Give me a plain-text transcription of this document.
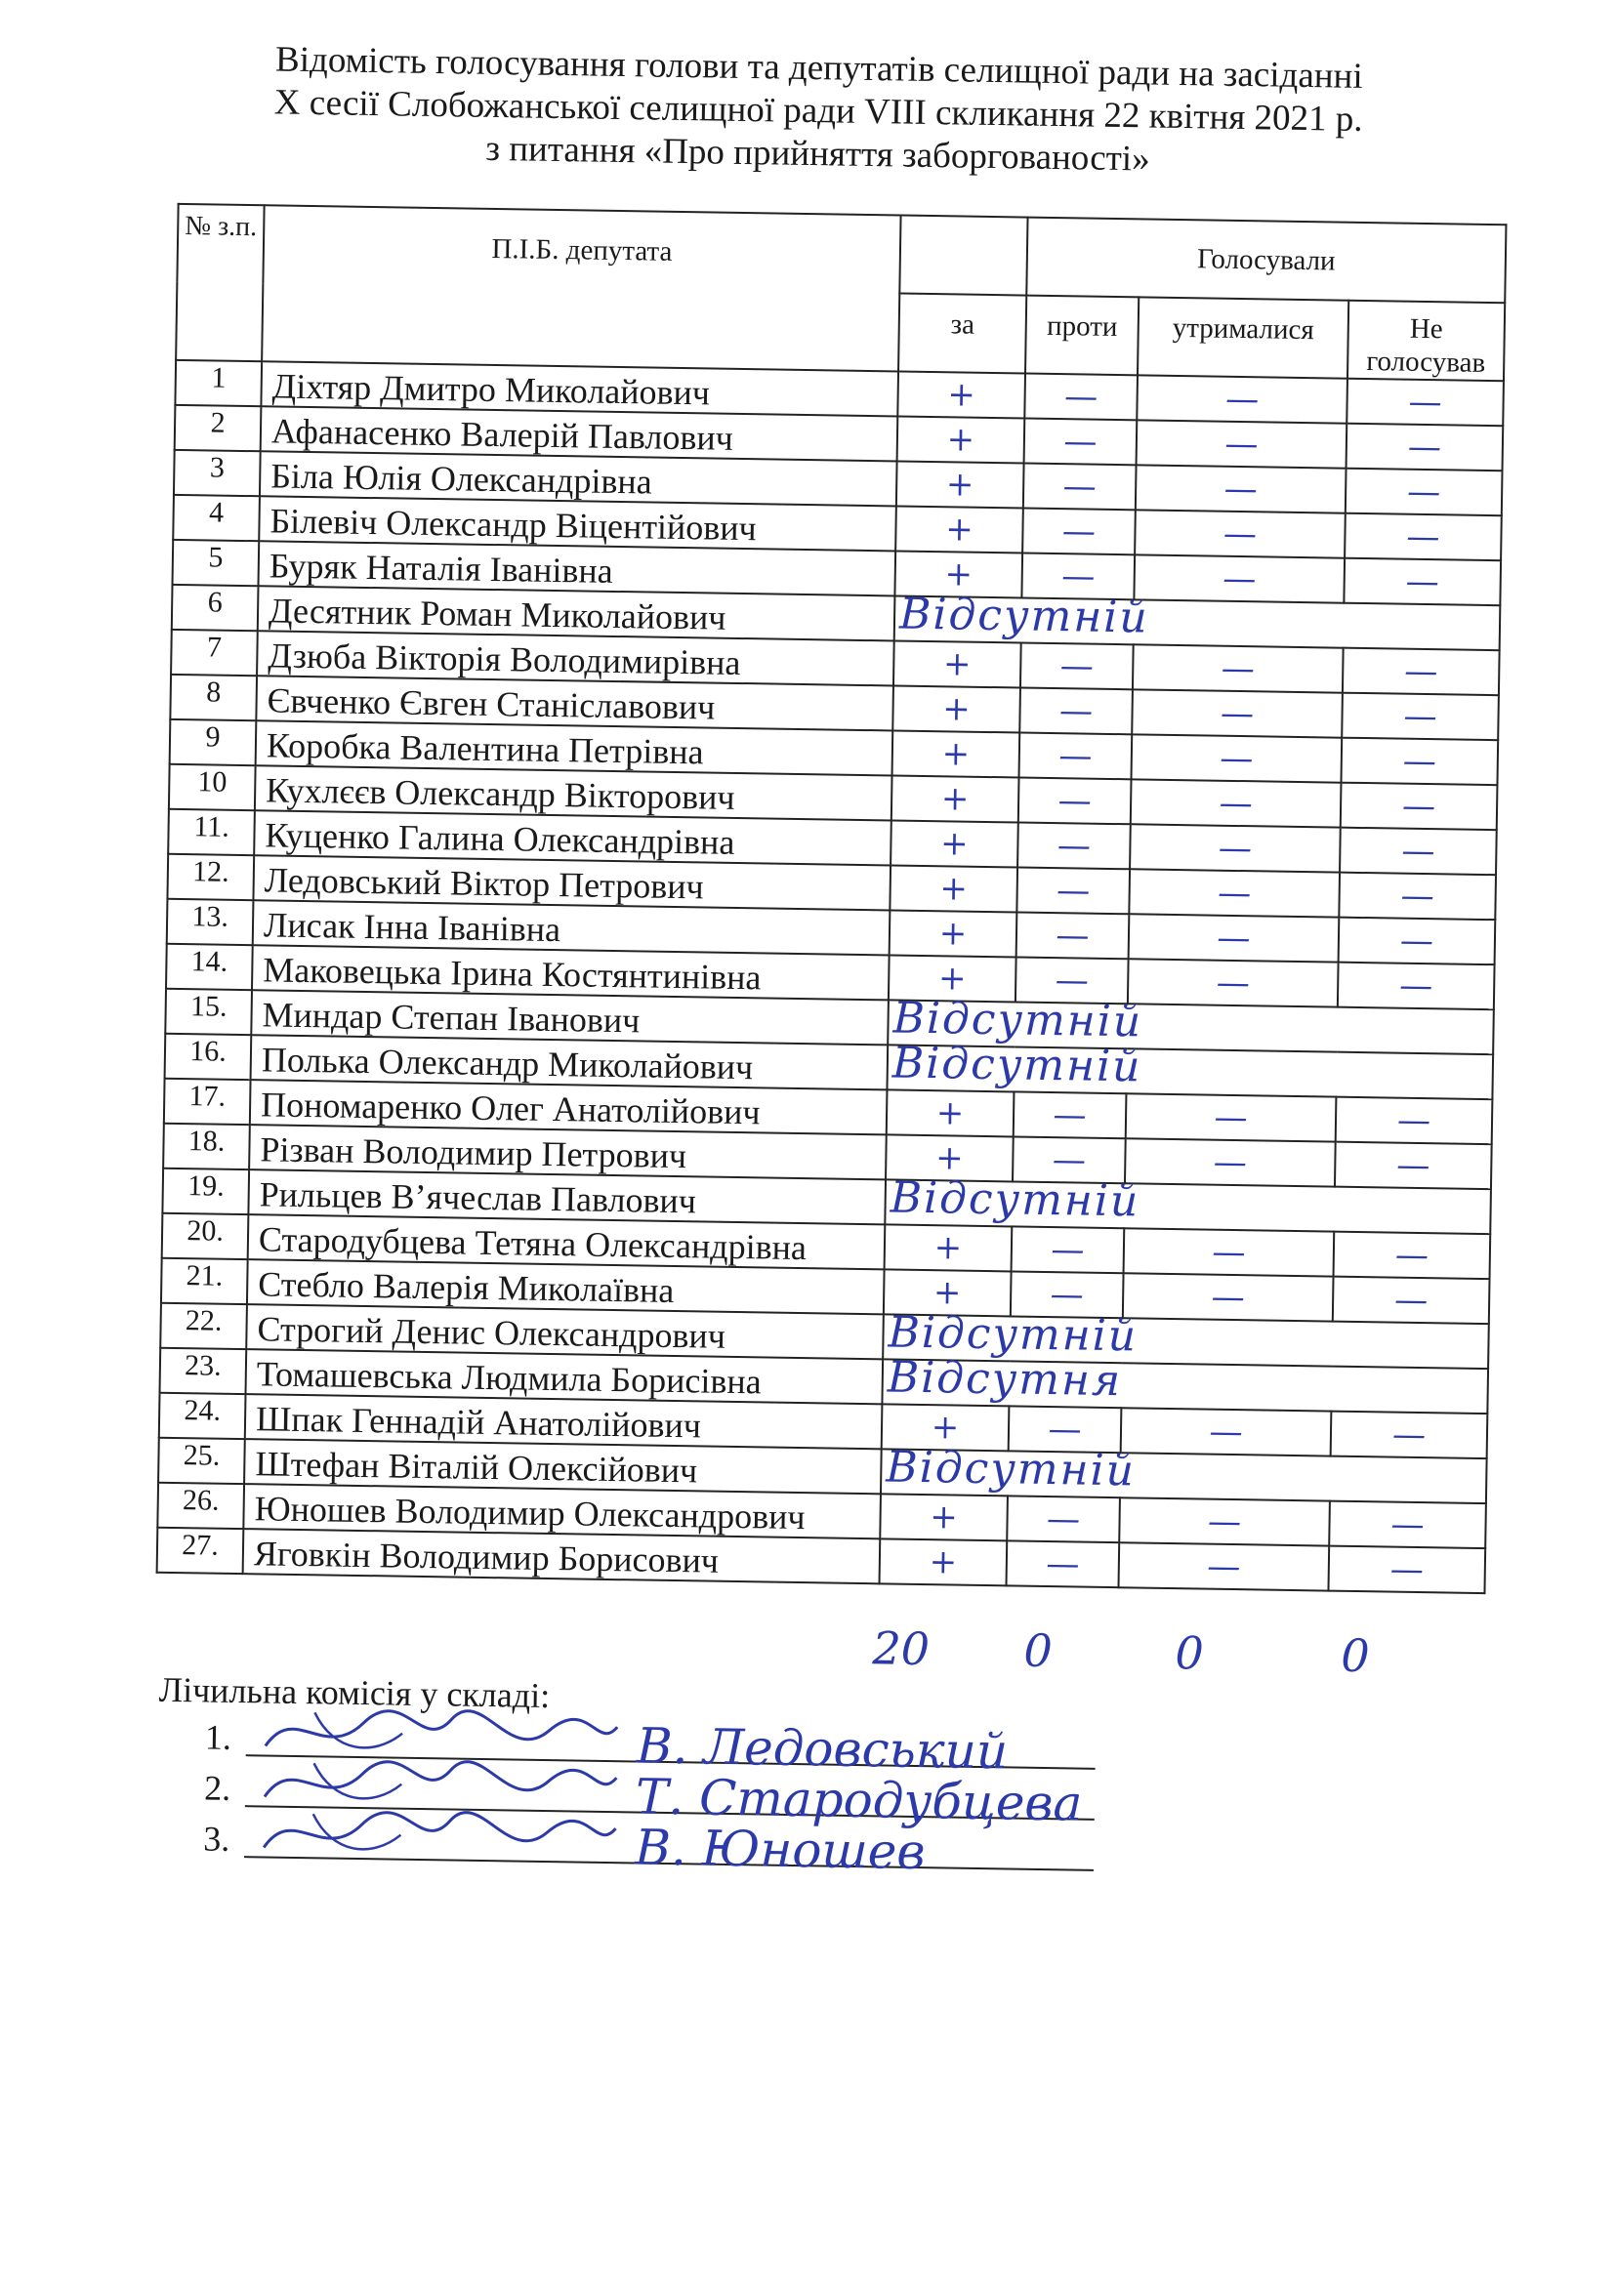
Відомість голосування голови та депутатів селищної ради на засіданні
Х сесії Слобожанської селищної ради VIII скликання 22 квітня 2021 р.
з питання «Про прийняття заборгованості»
№ з.п.	П.І.Б. депутата		Голосували		
		за	проти	утрималися	Не голосував
1	Діхтяр Дмитро Миколайович	+	—	—	—
2	Афанасенко Валерій Павлович	+	—	—	—
3	Біла Юлія Олександрівна	+	—	—	—
4	Білевіч Олександр Віцентійович	+	—	—	—
5	Буряк Наталія Іванівна	+	—	—	—
6	Десятник Роман Миколайович	Відсутній			

7	Дзюба Вікторія Володимирівна	+	—	—	—
8	Євченко Євген Станіславович	+	—	—	—
9	Коробка Валентина Петрівна	+	—	—	—
10	Кухлєєв Олександр Вікторович	+	—	—	—
11.	Куценко Галина Олександрівна	+	—	—	—
12.	Ледовський Віктор Петрович	+	—	—	—
13.	Лисак Інна Іванівна	+	—	—	—
14.	Маковецька Ірина Костянтинівна	+	—	—	—
15.	Миндар Степан Іванович	Відсутній			

16.	Полька Олександр Миколайович	Відсутній			

17.	Пономаренко Олег Анатолійович	+	—	—	—
18.	Різван Володимир Петрович	+	—	—	—
19.	Рильцев В’ячеслав Павлович	Відсутній			

20.	Стародубцева Тетяна Олександрівна	+	—	—	—
21.	Стебло Валерія Миколаївна	+	—	—	—
22.	Строгий Денис Олександрович	Відсутній			

23.	Томашевська Людмила Борисівна	Відсутня			

24.	Шпак Геннадій Анатолійович	+	—	—	—
25.	Штефан Віталій Олексійович	Відсутній			

26.	Юношев Володимир Олександрович	+	—	—	—
27.	Яговкін Володимир Борисович	+	—	—	—
20 0	0	0
Лічильна комісія у складі:
1.	В. Ледовський
2.	Т. Стародубцева
3.	В. Юношев
